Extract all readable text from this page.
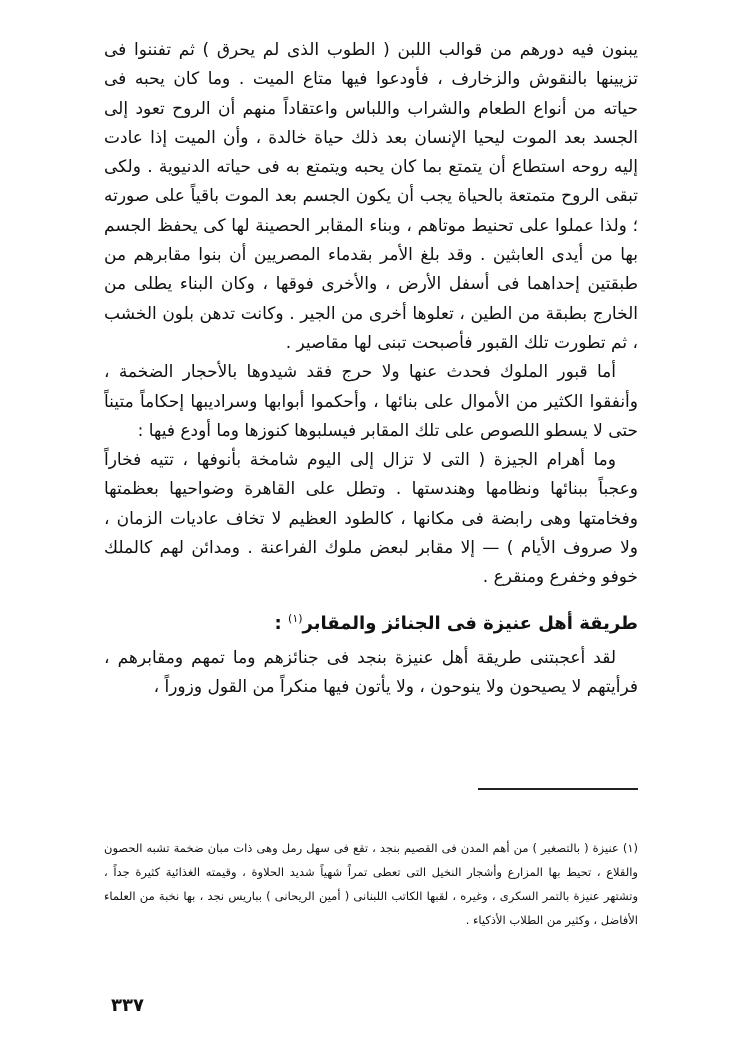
يبنون فيه دورهم من قوالب اللبن ( الطوب الذى لم يحرق ) ثم تفننوا فى تزيينها بالنقوش والزخارف ، فأودعوا فيها متاع الميت . وما كان يحبه فى حياته من أنواع الطعام والشراب واللباس واعتقاداً منهم أن الروح تعود إلى الجسد بعد الموت ليحيا الإنسان بعد ذلك حياة خالدة ، وأن الميت إذا عادت إليه روحه استطاع أن يتمتع بما كان يحبه ويتمتع به فى حياته الدنيوية . ولكى تبقى الروح متمتعة بالحياة يجب أن يكون الجسم بعد الموت باقياً على صورته ؛ ولذا عملوا على تحنيط موتاهم ، وبناء المقابر الحصينة لها كى يحفظ الجسم بها من أيدى العابثين . وقد بلغ الأمر بقدماء المصريين أن بنوا مقابرهم من طبقتين إحداهما فى أسفل الأرض ، والأخرى فوقها ، وكان البناء يطلى من الخارج بطبقة من الطين ، تعلوها أخرى من الجير . وكانت تدهن بلون الخشب ، ثم تطورت تلك القبور فأصبحت تبنى لها مقاصير .

أما قبور الملوك فحدث عنها ولا حرج فقد شيدوها بالأحجار الضخمة ، وأنفقوا الكثير من الأموال على بنائها ، وأحكموا أبوابها وسراديبها إحكاماً متيناً حتى لا يسطو اللصوص على تلك المقابر فيسلبوها كنوزها وما أودع فيها :

وما أهرام الجيزة ( التى لا تزال إلى اليوم شامخة بأنوفها ، تتيه فخاراً وعجباً ببنائها ونظامها وهندستها . وتطل على القاهرة وضواحيها بعظمتها وفخامتها وهى رابضة فى مكانها ، كالطود العظيم لا تخاف عاديات الزمان ، ولا صروف الأيام ) — إلا مقابر لبعض ملوك الفراعنة . ومدائن لهم كالملك خوفو وخفرع ومنقرع .

طريقة أهل عنيزة فى الجنائز والمقابر$^{(١)}$ :

لقد أعجبتنى طريقة أهل عنيزة بنجد فى جنائزهم وما تمهم ومقابرهم ، فرأيتهم لا يصيحون ولا ينوحون ، ولا يأتون فيها منكراً من القول وزوراً ،

(١) عنيزة ( بالتصغير ) من أهم المدن فى القصيم بنجد ، تقع فى سهل رمل وهى ذات مبان ضخمة تشبه الحصون والقلاع ، تحيط بها المزارع وأشجار النخيل التى تعطى تمراً شهياً شديد الحلاوة ، وقيمته الغذائية كثيرة جداً ، وتشتهر عنيزة بالتمر السكرى ، وغيره ، لقبها الكاتب اللبنانى ( أمين الريحانى ) بباريس نجد ، بها نخبة من العلماء الأفاضل ، وكثير من الطلاب الأذكياء .
٣٣٧
